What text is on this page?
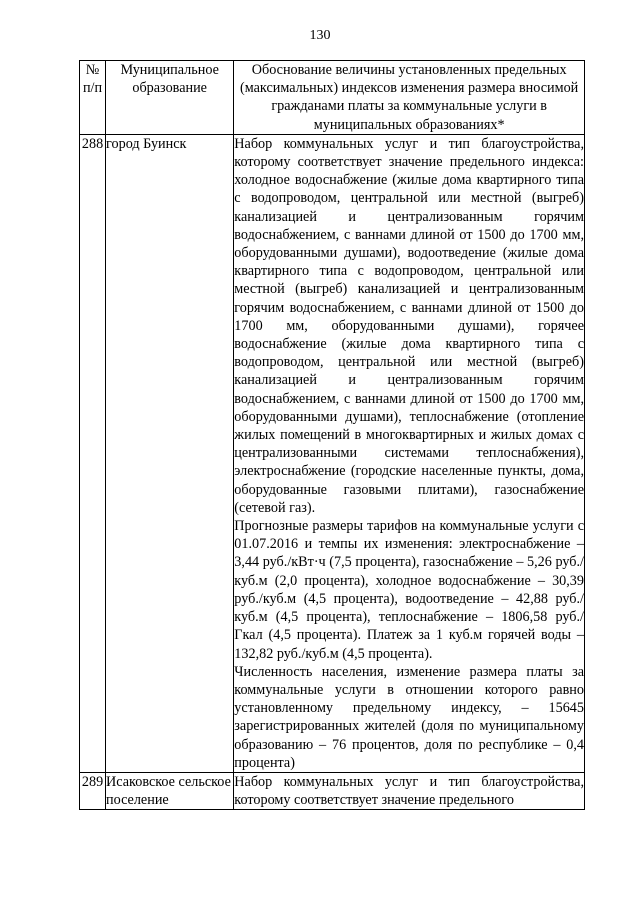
130
№ п/п	Муниципальное образование	Обоснование величины установленных предельных (максимальных) индексов изменения размера вносимой гражданами платы за коммунальные услуги в муниципальных образованиях*
288	город Буинск	Набор коммунальных услуг и тип благоустройства, которому соответствует значение предельного индекса: холодное водоснабжение (жилые дома квартирного типа с водопроводом, центральной или местной (выгреб) канализацией и централизованным горячим водоснабжением, с ваннами длиной от 1500 до 1700 мм, оборудованными душами), водоотведение (жилые дома квартирного типа с водопроводом, центральной или местной (выгреб) канализацией и централизованным горячим водоснабжением, с ваннами длиной от 1500 до 1700 мм, оборудованными душами), горячее водоснабжение (жилые дома квартирного типа с водопроводом, центральной или местной (выгреб) канализацией и централизованным горячим водоснабжением, с ваннами длиной от 1500 до 1700 мм, оборудованными душами), теплоснабжение (отопление жилых помещений в многоквартирных и жилых домах с централизованными системами теплоснабжения), электроснабжение (городские населенные пункты, дома, оборудованные газовыми плитами), газоснабжение (сетевой газ).

Прогнозные размеры тарифов на коммунальные услуги с 01.07.2016 и темпы их изменения: электроснабжение – 3,44 руб./кВт·ч (7,5 процента), газоснабжение – 5,26 руб./куб.м (2,0 процента), холодное водоснабжение – 30,39 руб./куб.м (4,5 процента), водоотведение – 42,88 руб./куб.м (4,5 процента), теплоснабжение – 1806,58 руб./Гкал (4,5 процента). Платеж за 1 куб.м горячей воды – 132,82 руб./куб.м (4,5 процента).

Численность населения, изменение размера платы за коммунальные услуги в отношении которого равно установленному предельному индексу, – 15645 зарегистрированных жителей (доля по муниципальному образованию – 76 процентов, доля по республике – 0,4 процента)

289	Исаковское сельское поселение	Набор коммунальных услуг и тип благоустройства, которому соответствует значение предельного
